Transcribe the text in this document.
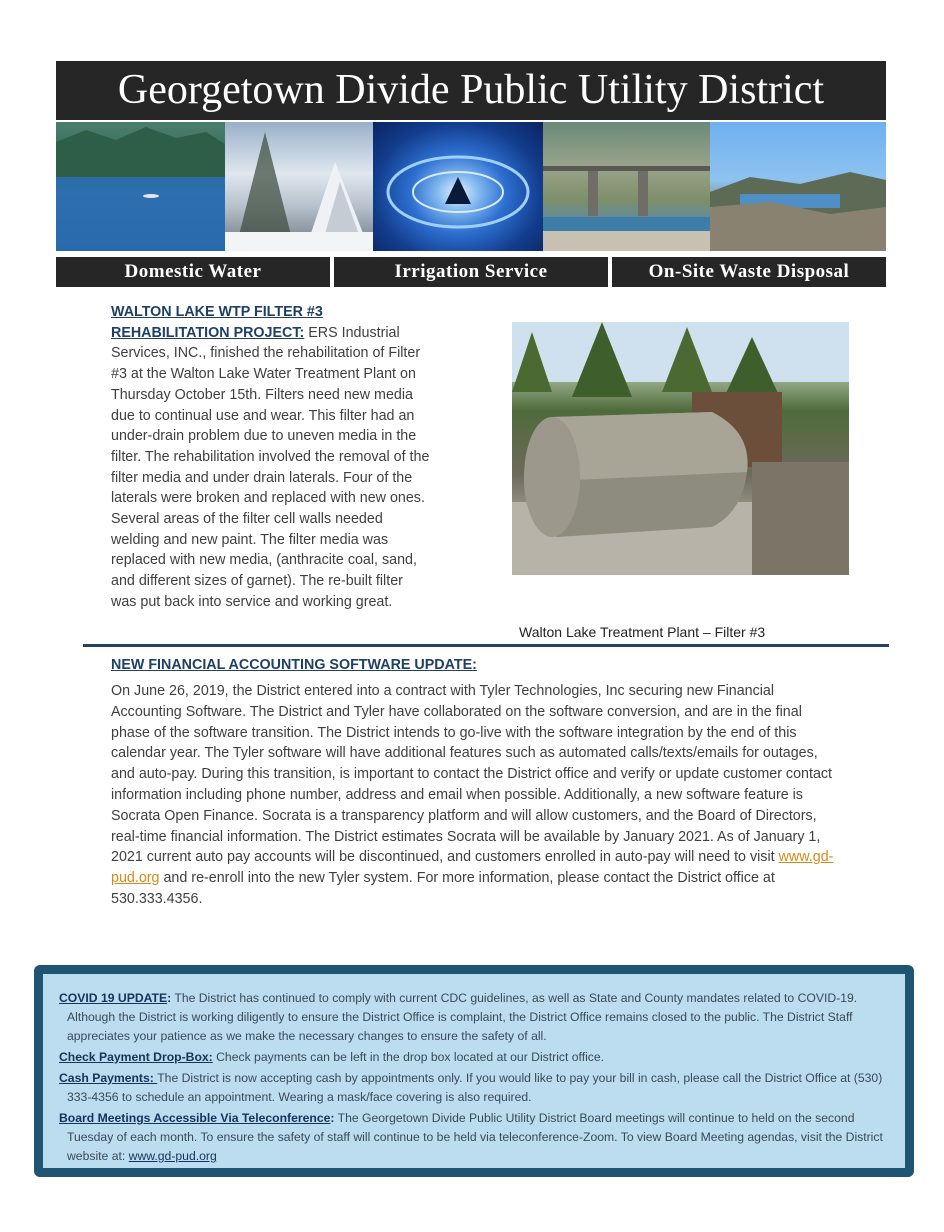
Georgetown Divide Public Utility District
Domestic Water	Irrigation Service	On-Site Waste Disposal
WALTON LAKE WTP FILTER #3
REHABILITATION PROJECT: ERS Industrial Services, INC., finished the rehabilitation of Filter #3 at the Walton Lake Water Treatment Plant on Thursday October 15th. Filters need new media due to continual use and wear. This filter had an under-drain problem due to uneven media in the filter. The rehabilitation involved the removal of the filter media and under drain laterals. Four of the laterals were broken and replaced with new ones. Several areas of the filter cell walls needed welding and new paint. The filter media was replaced with new media, (anthracite coal, sand, and different sizes of garnet). The re-built filter was put back into service and working great.
Walton Lake Treatment Plant – Filter #3
NEW FINANCIAL ACCOUNTING SOFTWARE UPDATE:
On June 26, 2019, the District entered into a contract with Tyler Technologies, Inc securing new Financial Accounting Software. The District and Tyler have collaborated on the software conversion, and are in the final phase of the software transition. The District intends to go-live with the software integration by the end of this calendar year. The Tyler software will have additional features such as automated calls/texts/emails for outages, and auto-pay. During this transition, is important to contact the District office and verify or update customer contact information including phone number, address and email when possible. Additionally, a new software feature is Socrata Open Finance. Socrata is a transparency platform and will allow customers, and the Board of Directors, real-time financial information. The District estimates Socrata will be available by January 2021. As of January 1, 2021 current auto pay accounts will be discontinued, and customers enrolled in auto-pay will need to visit www.gd-pud.org and re-enroll into the new Tyler system. For more information, please contact the District office at 530.333.4356.

COVID 19 UPDATE: The District has continued to comply with current CDC guidelines, as well as State and County mandates related to COVID-19. Although the District is working diligently to ensure the District Office is complaint, the District Office remains closed to the public. The District Staff appreciates your patience as we make the necessary changes to ensure the safety of all.

Check Payment Drop-Box: Check payments can be left in the drop box located at our District office.

Cash Payments: The District is now accepting cash by appointments only. If you would like to pay your bill in cash, please call the District Office at (530) 333-4356 to schedule an appointment. Wearing a mask/face covering is also required.

Board Meetings Accessible Via Teleconference: The Georgetown Divide Public Utility District Board meetings will continue to held on the second Tuesday of each month. To ensure the safety of staff will continue to be held via teleconference-Zoom. To view Board Meeting agendas, visit the District website at: www.gd-pud.org
